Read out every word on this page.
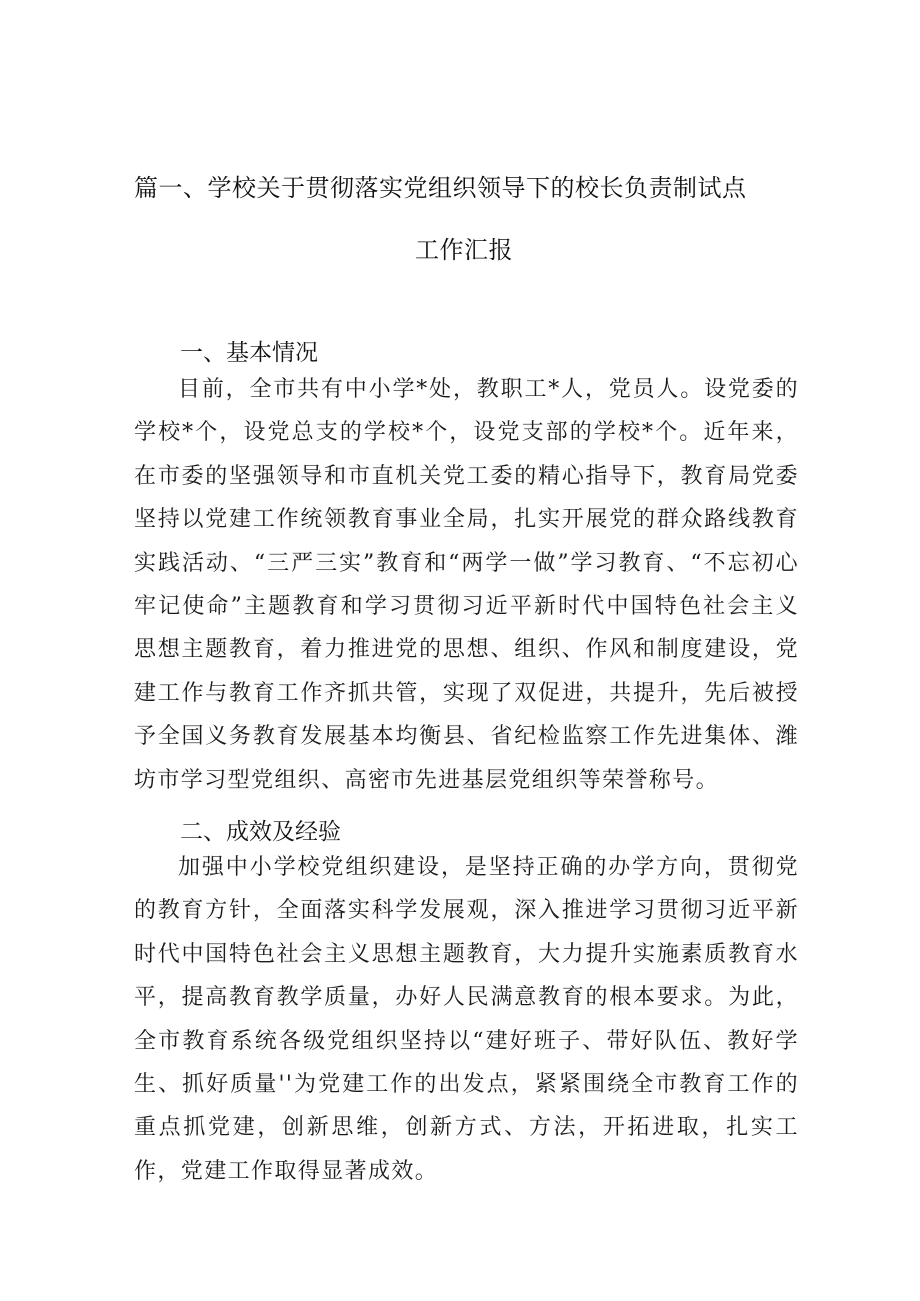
篇一、学校关于贯彻落实党组织领导下的校长负责制试点
工作汇报
一、基本情况

目前，全市共有中小学*处，教职工*人，党员人。设党委的学校*个，设党总支的学校*个，设党支部的学校*个。近年来，在市委的坚强领导和市直机关党工委的精心指导下，教育局党委坚持以党建工作统领教育事业全局，扎实开展党的群众路线教育实践活动、“三严三实”教育和“两学一做”学习教育、“不忘初心牢记使命”主题教育和学习贯彻习近平新时代中国特色社会主义思想主题教育，着力推进党的思想、组织、作风和制度建设，党建工作与教育工作齐抓共管，实现了双促进，共提升，先后被授予全国义务教育发展基本均衡县、省纪检监察工作先进集体、潍坊市学习型党组织、高密市先进基层党组织等荣誉称号。

二、成效及经验

加强中小学校党组织建设，是坚持正确的办学方向，贯彻党的教育方针，全面落实科学发展观，深入推进学习贯彻习近平新时代中国特色社会主义思想主题教育，大力提升实施素质教育水平，提高教育教学质量，办好人民满意教育的根本要求。为此，全市教育系统各级党组织坚持以“建好班子、带好队伍、教好学生、抓好质量''为党建工作的出发点，紧紧围绕全市教育工作的重点抓党建，创新思维，创新方式、方法，开拓进取，扎实工作，党建工作取得显著成效。
